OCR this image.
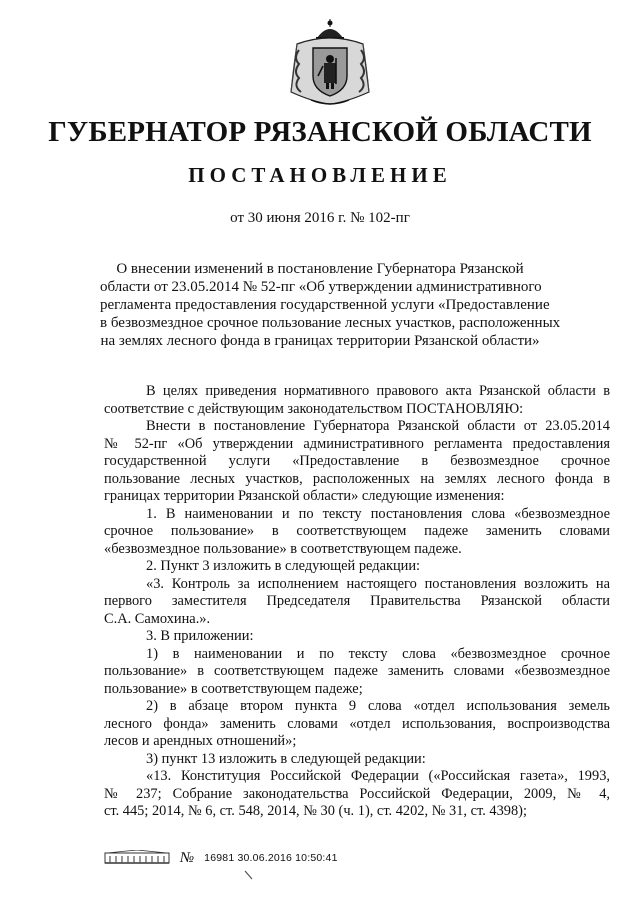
ГУБЕРНАТОР РЯЗАНСКОЙ ОБЛАСТИ
ПОСТАНОВЛЕНИЕ
от 30 июня 2016 г. № 102-пг
О внесении изменений в постановление Губернатора Рязанской
области от 23.05.2014 № 52-пг «Об утверждении административного
регламента предоставления государственной услуги «Предоставление
в безвозмездное срочное пользование лесных участков, расположенных
на землях лесного фонда в границах территории Рязанской области»
В целях приведения нормативного правового акта Рязанской области в
соответствие с действующим законодательством ПОСТАНОВЛЯЮ:
Внести в постановление Губернатора Рязанской области от 23.05.2014
№ 52-пг «Об утверждении административного регламента предоставления
государственной услуги «Предоставление в безвозмездное срочное
пользование лесных участков, расположенных на землях лесного фонда в
границах территории Рязанской области» следующие изменения:
1. В наименовании и по тексту постановления слова «безвозмездное
срочное пользование» в соответствующем падеже заменить словами
«безвозмездное пользование» в соответствующем падеже.
2. Пункт 3 изложить в следующей редакции:
«3. Контроль за исполнением настоящего постановления возложить на
первого заместителя Председателя Правительства Рязанской области
С.А. Самохина.».
3. В приложении:
1) в наименовании и по тексту слова «безвозмездное срочное
пользование» в соответствующем падеже заменить словами «безвозмездное
пользование» в соответствующем падеже;
2) в абзаце втором пункта 9 слова «отдел использования земель
лесного фонда» заменить словами «отдел использования, воспроизводства
лесов и арендных отношений»;
3) пункт 13 изложить в следующей редакции:
«13. Конституция Российской Федерации («Российская газета», 1993,
№ 237; Собрание законодательства Российской Федерации, 2009, № 4,
ст. 445; 2014, № 6, ст. 548, 2014, № 30 (ч. 1), ст. 4202, № 31, ст. 4398);
№ 16981 30.06.2016 10:50:41
